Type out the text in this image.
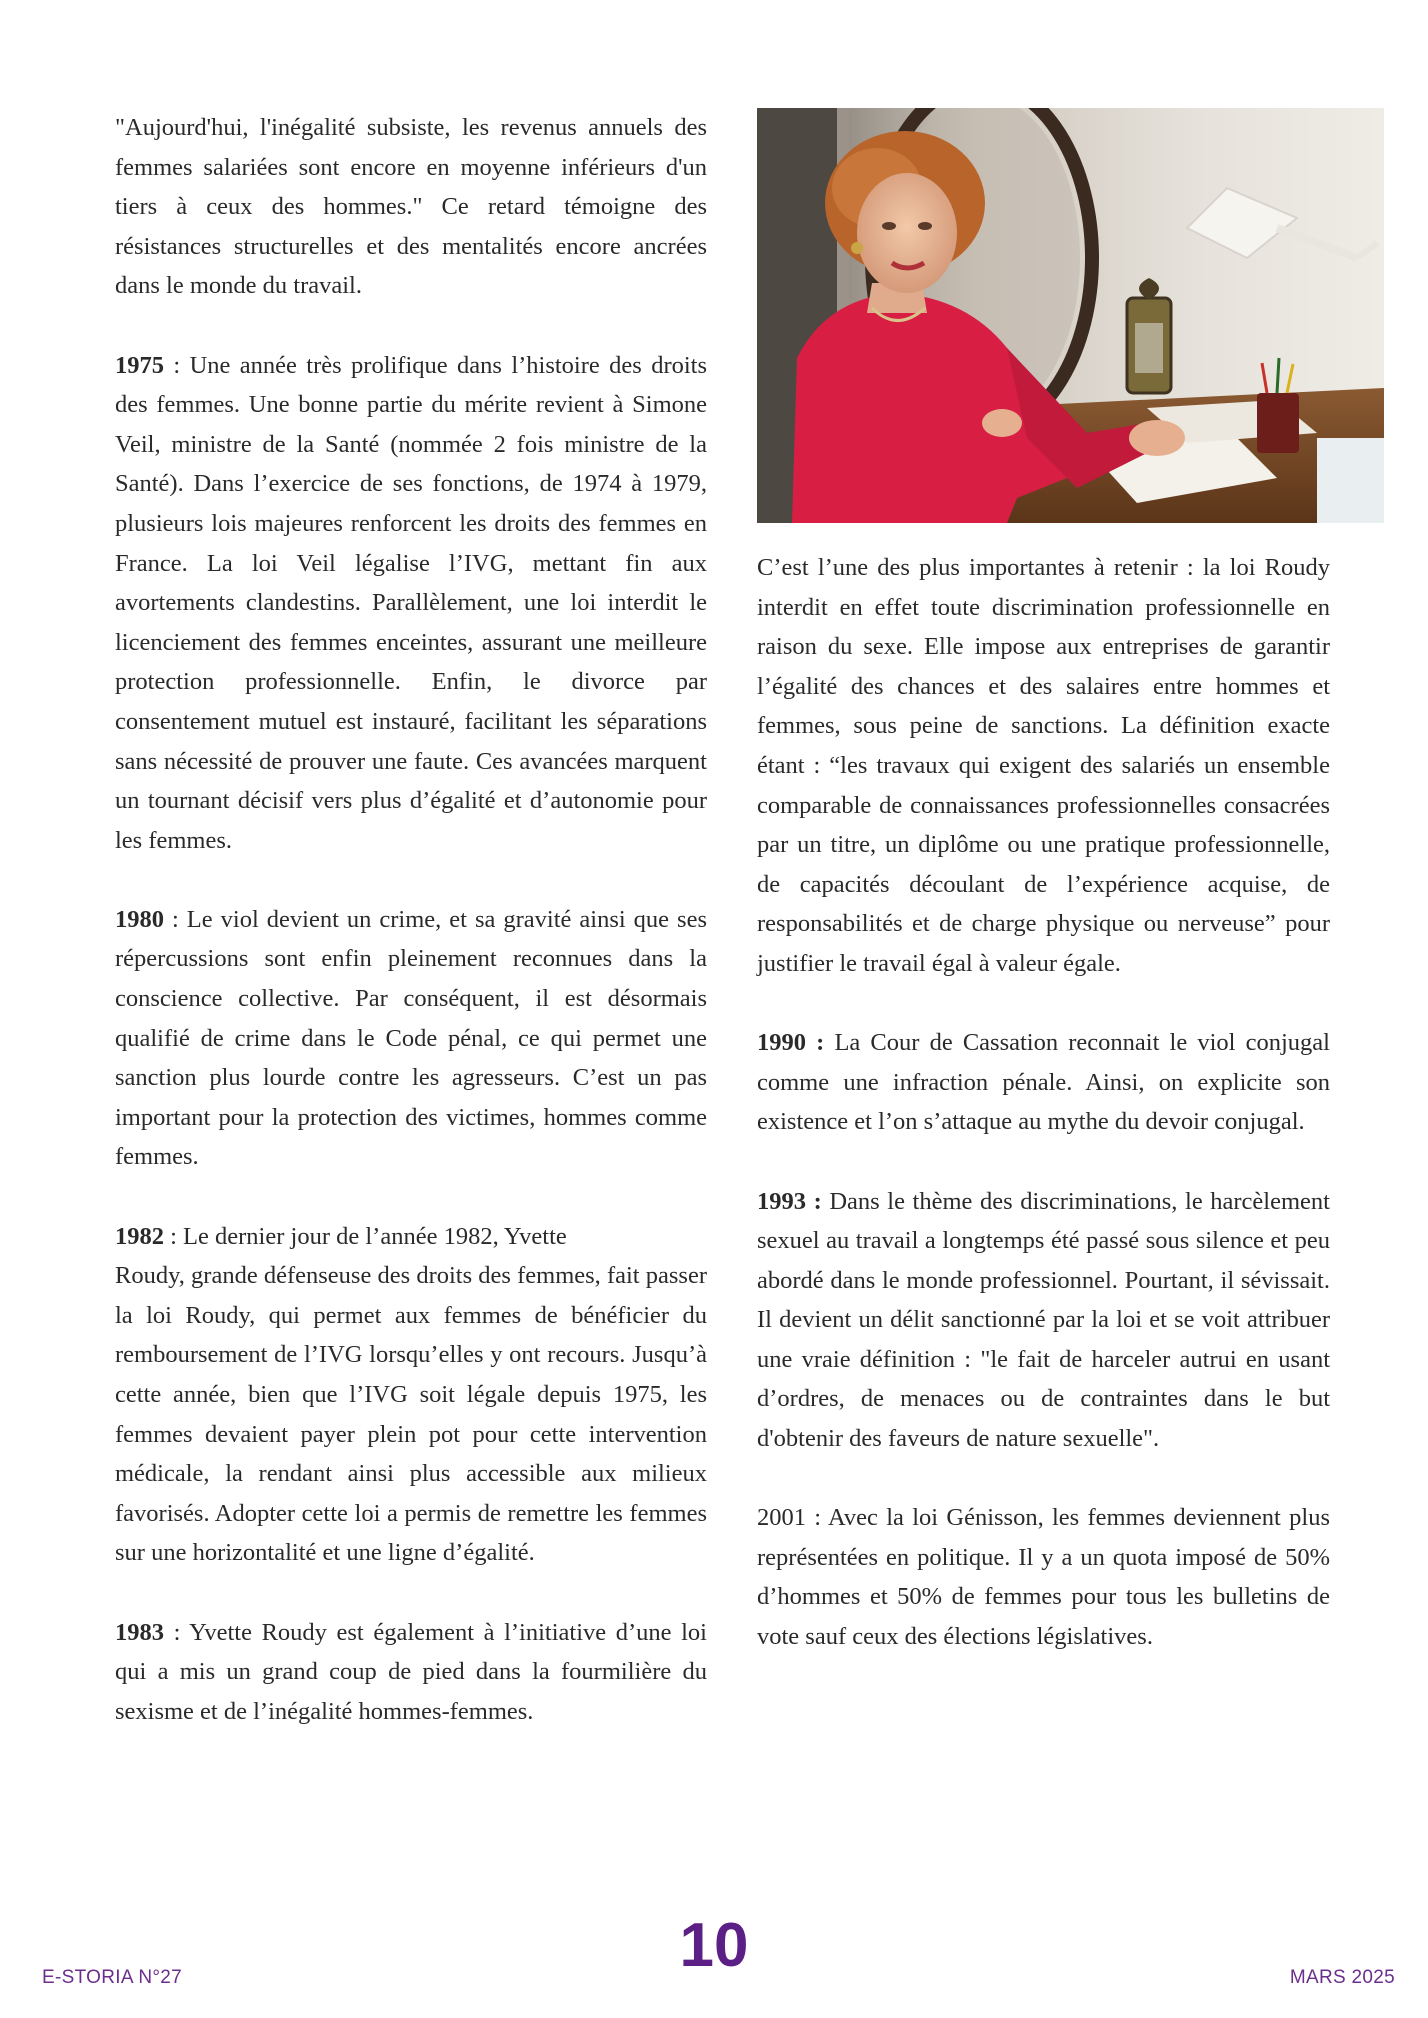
"Aujourd'hui, l'inégalité subsiste, les revenus annuels des femmes salariées sont encore en moyenne inférieurs d'un tiers à ceux des hommes." Ce retard témoigne des résistances structurelles et des mentalités encore ancrées dans le monde du travail.

1975 : Une année très prolifique dans l’histoire des droits des femmes. Une bonne partie du mérite revient à Simone Veil, ministre de la Santé (nommée 2 fois ministre de la Santé). Dans l’exercice de ses fonctions, de 1974 à 1979, plusieurs lois majeures renforcent les droits des femmes en France. La loi Veil légalise l’IVG, mettant fin aux avortements clandestins. Parallèlement, une loi interdit le licenciement des femmes enceintes, assurant une meilleure protection professionnelle. Enfin, le divorce par consentement mutuel est instauré, facilitant les séparations sans nécessité de prouver une faute. Ces avancées marquent un tournant décisif vers plus d’égalité et d’autonomie pour les femmes.

1980 : Le viol devient un crime, et sa gravité ainsi que ses répercussions sont enfin pleinement reconnues dans la conscience collective. Par conséquent, il est désormais qualifié de crime dans le Code pénal, ce qui permet une sanction plus lourde contre les agresseurs. C’est un pas important pour la protection des victimes, hommes comme femmes.

1982 : Le dernier jour de l’année 1982, Yvette

Roudy, grande défenseuse des droits des femmes, fait passer la loi Roudy, qui permet aux femmes de bénéficier du remboursement de l’IVG lorsqu’elles y ont recours. Jusqu’à cette année, bien que l’IVG soit légale depuis 1975, les femmes devaient payer plein pot pour cette intervention médicale, la rendant ainsi plus accessible aux milieux favorisés. Adopter cette loi a permis de remettre les femmes sur une horizontalité et une ligne d’égalité.

1983 : Yvette Roudy est également à l’initiative d’une loi qui a mis un grand coup de pied dans la fourmilière du sexisme et de l’inégalité hommes-femmes.

C’est l’une des plus importantes à retenir : la loi Roudy interdit en effet toute discrimination professionnelle en raison du sexe. Elle impose aux entreprises de garantir l’égalité des chances et des salaires entre hommes et femmes, sous peine de sanctions. La définition exacte étant : “les travaux qui exigent des salariés un ensemble comparable de connaissances professionnelles consacrées par un titre, un diplôme ou une pratique professionnelle, de capacités découlant de l’expérience acquise, de responsabilités et de charge physique ou nerveuse” pour justifier le travail égal à valeur égale.

1990 : La Cour de Cassation reconnait le viol conjugal comme une infraction pénale. Ainsi, on explicite son existence et l’on s’attaque au mythe du devoir conjugal.

1993 : Dans le thème des discriminations, le harcèlement sexuel au travail a longtemps été passé sous silence et peu abordé dans le monde professionnel. Pourtant, il sévissait. Il devient un délit sanctionné par la loi et se voit attribuer une vraie définition : "le fait de harceler autrui en usant d’ordres, de menaces ou de contraintes dans le but d'obtenir des faveurs de nature sexuelle".

2001 : Avec la loi Génisson, les femmes deviennent plus représentées en politique. Il y a un quota imposé de 50% d’hommes et 50% de femmes pour tous les bulletins de vote sauf ceux des élections législatives.

E-STORIA N°27	10	MARS 2025
